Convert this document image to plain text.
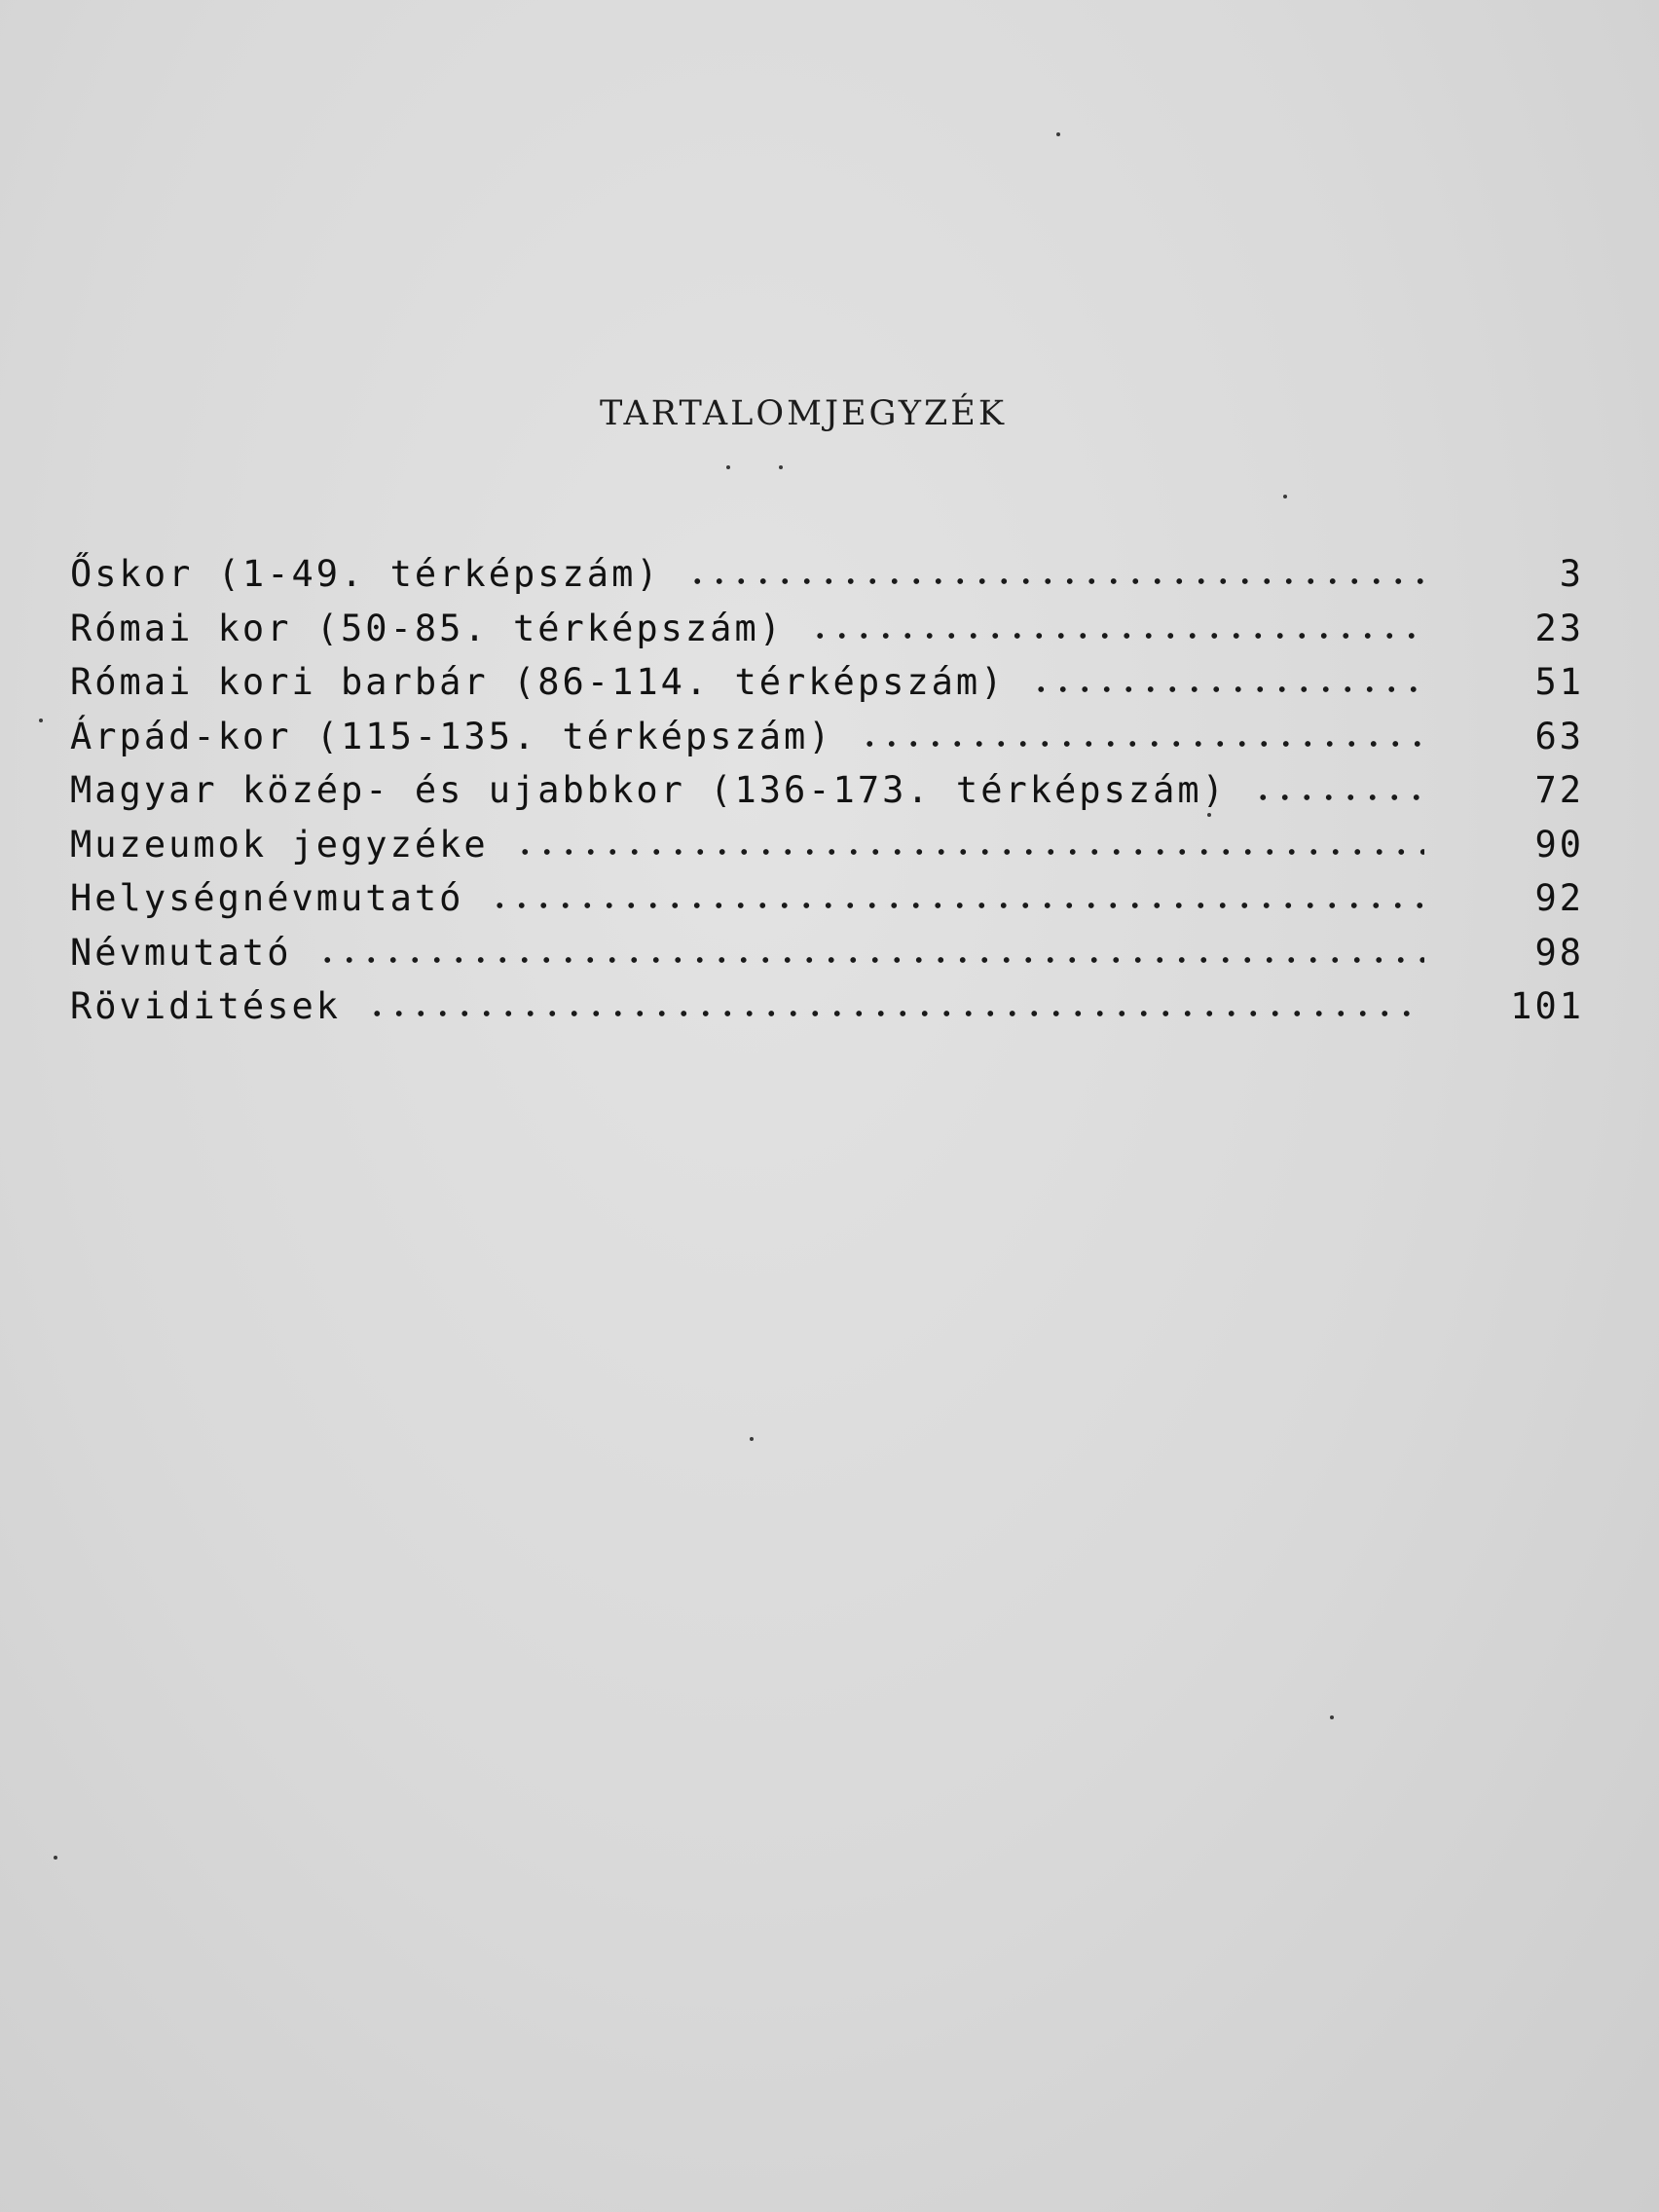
TARTALOMJEGYZÉK
Őskor (1-49. térképszám)	3
Római kor (50-85. térképszám)	23
Római kori barbár (86-114. térképszám)	51
Árpád-kor (115-135. térképszám)	63
Magyar közép- és ujabbkor (136-173. térképszám)	72
Muzeumok jegyzéke	90
Helységnévmutató	92
Névmutató	98
Röviditések	101
